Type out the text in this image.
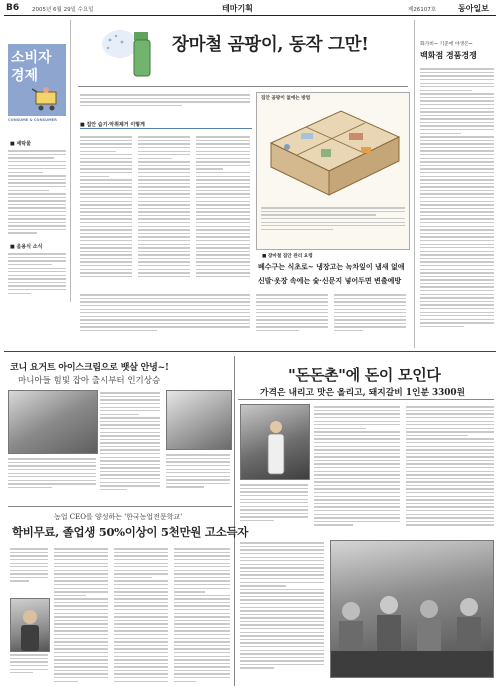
B6 2005년 6월 29일 수요일	테마기획	제26107호	동아일보
소비자
경제
CONSUME & CONSUMER
■ 세탁물
■ 음용식 소식
장마철 곰팡이, 동작 그만!
■ 집안 습기·악취제거 이렇게
집안 곰팡이 없애는 방법
■ 장마철 집안 관리 요령
베수구는 식초로~ 냉장고는 녹차잎이 냄새 없애
신발·옷장 속에는 숯·신문지 넣어두면 변출예방
화가비~ 기준에 야생돈~
백화점 경품경쟁
"돈돈촌"에 돈이 모인다
가격은 내리고 맛은 올리고, 돼지갈비 1인분 3300원
코니 요거트 아이스크림으로 뱃살 안녕~!
마니아들 힘빛 잡아 출시부터 인기상승
농업 CEO를 양성하는 '한국농업전문학교'
학비무료, 졸업생 50%이상이 5천만원 고소득자
